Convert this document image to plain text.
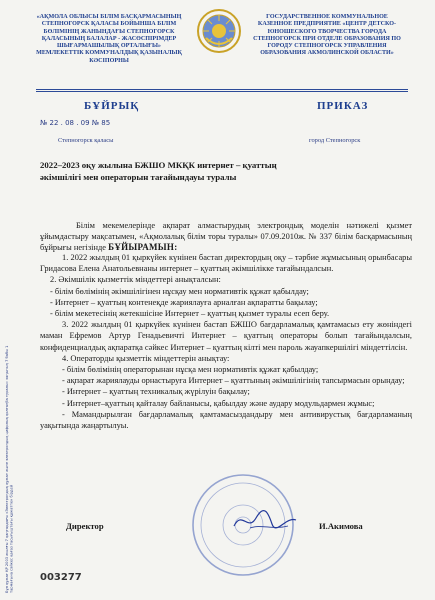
«АҚМОЛА ОБЛЫСЫ БІЛІМ БАСҚАРМАСЫНЫҢ СТЕПНОГОРСК ҚАЛАСЫ БОЙЫНША БІЛІМ БӨЛІМІНІҢ ЖАНЫНДАҒЫ СТЕПНОГОРСК ҚАЛАСЫНЫҢ БАЛАЛАР - ЖАСӨСПІРІМДЕР ШЫҒАРМАШЫЛЫҚ ОРТАЛЫҒЫ» МЕМЛЕКЕТТІК КОММУНАЛДЫҚ ҚАЗЫНАЛЫҚ КӘСІПОРНЫ
ГОСУДАРСТВЕННОЕ КОММУНАЛЬНОЕ КАЗЕННОЕ ПРЕДПРИЯТИЕ «ЦЕНТР ДЕТСКО-ЮНОШЕСКОГО ТВОРЧЕСТВА ГОРОДА СТЕПНОГОРСК ПРИ ОТДЕЛЕ ОБРАЗОВАНИЯ ПО ГОРОДУ СТЕПНОГОРСК УПРАВЛЕНИЯ ОБРАЗОВАНИЯ АКМОЛИНСКОЙ ОБЛАСТИ»
БҰЙРЫҚ	ПРИКАЗ
№ 22 . 08 . 09 № 85
Степногорск қаласы	город Степногорск
2022–2023 оқу жылына БЖШО МКҚК интернет – қуаттың әкімшілігі мен операторын тағайындауы туралы
Білім мекемелерінде ақпарат алмастырудың электрондық моделін нәтижелі қызмет ұйымдастыру мақсатымен, «Ақмолалық білім торы туралы» 07.09.2010ж. № 337 білім басқармасының бұйрығы негізінде БҰЙЫРАМЫН:

1. 2022 жылдың 01 қыркүйек күнінен бастап директордың оқу – тәрбие жұмысының орынбасары Гридасова Елена Анатольевнаны интернет – қуаттың әкімшілікке тағайындалсын.

2. Әкімшілік қызметтік міндеттері анықталсын:

- білім бөлімінің әкімшілігінен нұсқау мен нормативтік құжат қабылдау;

- Интернет – қуаттың контенеқде жариялауға арналған ақпаратты бақылау;

- білім мекетесінің жетекшісіне Интернет – қуаттың қызмет туралы есеп беру.

3. 2022 жылдың 01 қыркүйек күнінен бастап БЖШО бағдарламалық қамтамасыз ету жөніндегі маман Ефремов Артур Генадьевичті Интернет – қуаттың операторы болып тағайындалсын, конфиденциалдық ақпаратқа сәйкес Интернет – қуаттың кілті мен пароль жауапкершілігі міндеттілсін.

4. Операторды қызметтік міндеттерін анықтау:

- білім бөлімінің операторынан нұсқа мен нормативтік құжат қабылдау;

- ақпарат жариялауды орнастыруға Интернет – қуаттының әкімшілігінің тапсырмасын орындау;

- Интернет – қуаттың техникалық жүрілуін бақылау;

- Интернет–қуаттың қайталау байланысы, қабылдау және аудару модульдармен жұмыс;

- Мамандырылған бағдарламалық қамтамасыздандыру мен антивирустық бағдарламаның уақытында жаңартылуы.

Директор	И.Акимова
Бұл құжат ҚР 2003 жылғы 7 қаңтардағы «Электрондық құжат және электрондық цифрлық қолтаңба туралы» заңының 7 бабы 1 тармағына сәйкес қағаз тасығыштағы құжатпен бірдей	003277
